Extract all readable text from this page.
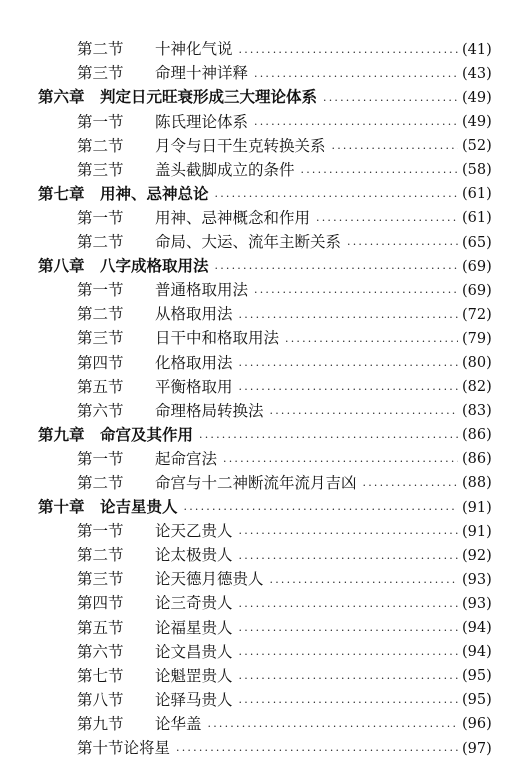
第二节	十神化气说 ·····	(41)
第三节	命理十神详释 ·····	(43)
第六章 判定日元旺衰形成三大理论体系 ·····	(49)
第一节	陈氏理论体系 ·····	(49)
第二节	月令与日干生克转换关系 ·····	(52)
第三节	盖头截脚成立的条件 ·····	(58)
第七章 用神、忌神总论 ·····	(61)
第一节	用神、忌神概念和作用 ·····	(61)
第二节	命局、大运、流年主断关系 ·····	(65)
第八章 八字成格取用法 ·····	(69)
第一节	普通格取用法 ·····	(69)
第二节	从格取用法 ·····	(72)
第三节	日干中和格取用法 ·····	(79)
第四节	化格取用法 ·····	(80)
第五节	平衡格取用 ·····	(82)
第六节	命理格局转换法 ·····	(83)
第九章 命宫及其作用 ·····	(86)
第一节	起命宫法 ·····	(86)
第二节	命宫与十二神断流年流月吉凶 ·····	(88)
第十章 论吉星贵人 ·····	(91)
第一节	论天乙贵人 ·····	(91)
第二节	论太极贵人 ·····	(92)
第三节	论天德月德贵人 ·····	(93)
第四节	论三奇贵人 ·····	(93)
第五节	论福星贵人 ·····	(94)
第六节	论文昌贵人 ·····	(94)
第七节	论魁罡贵人 ·····	(95)
第八节	论驿马贵人 ·····	(95)
第九节	论华盖 ·····	(96)
第十节 论将星 ·····	(97)
